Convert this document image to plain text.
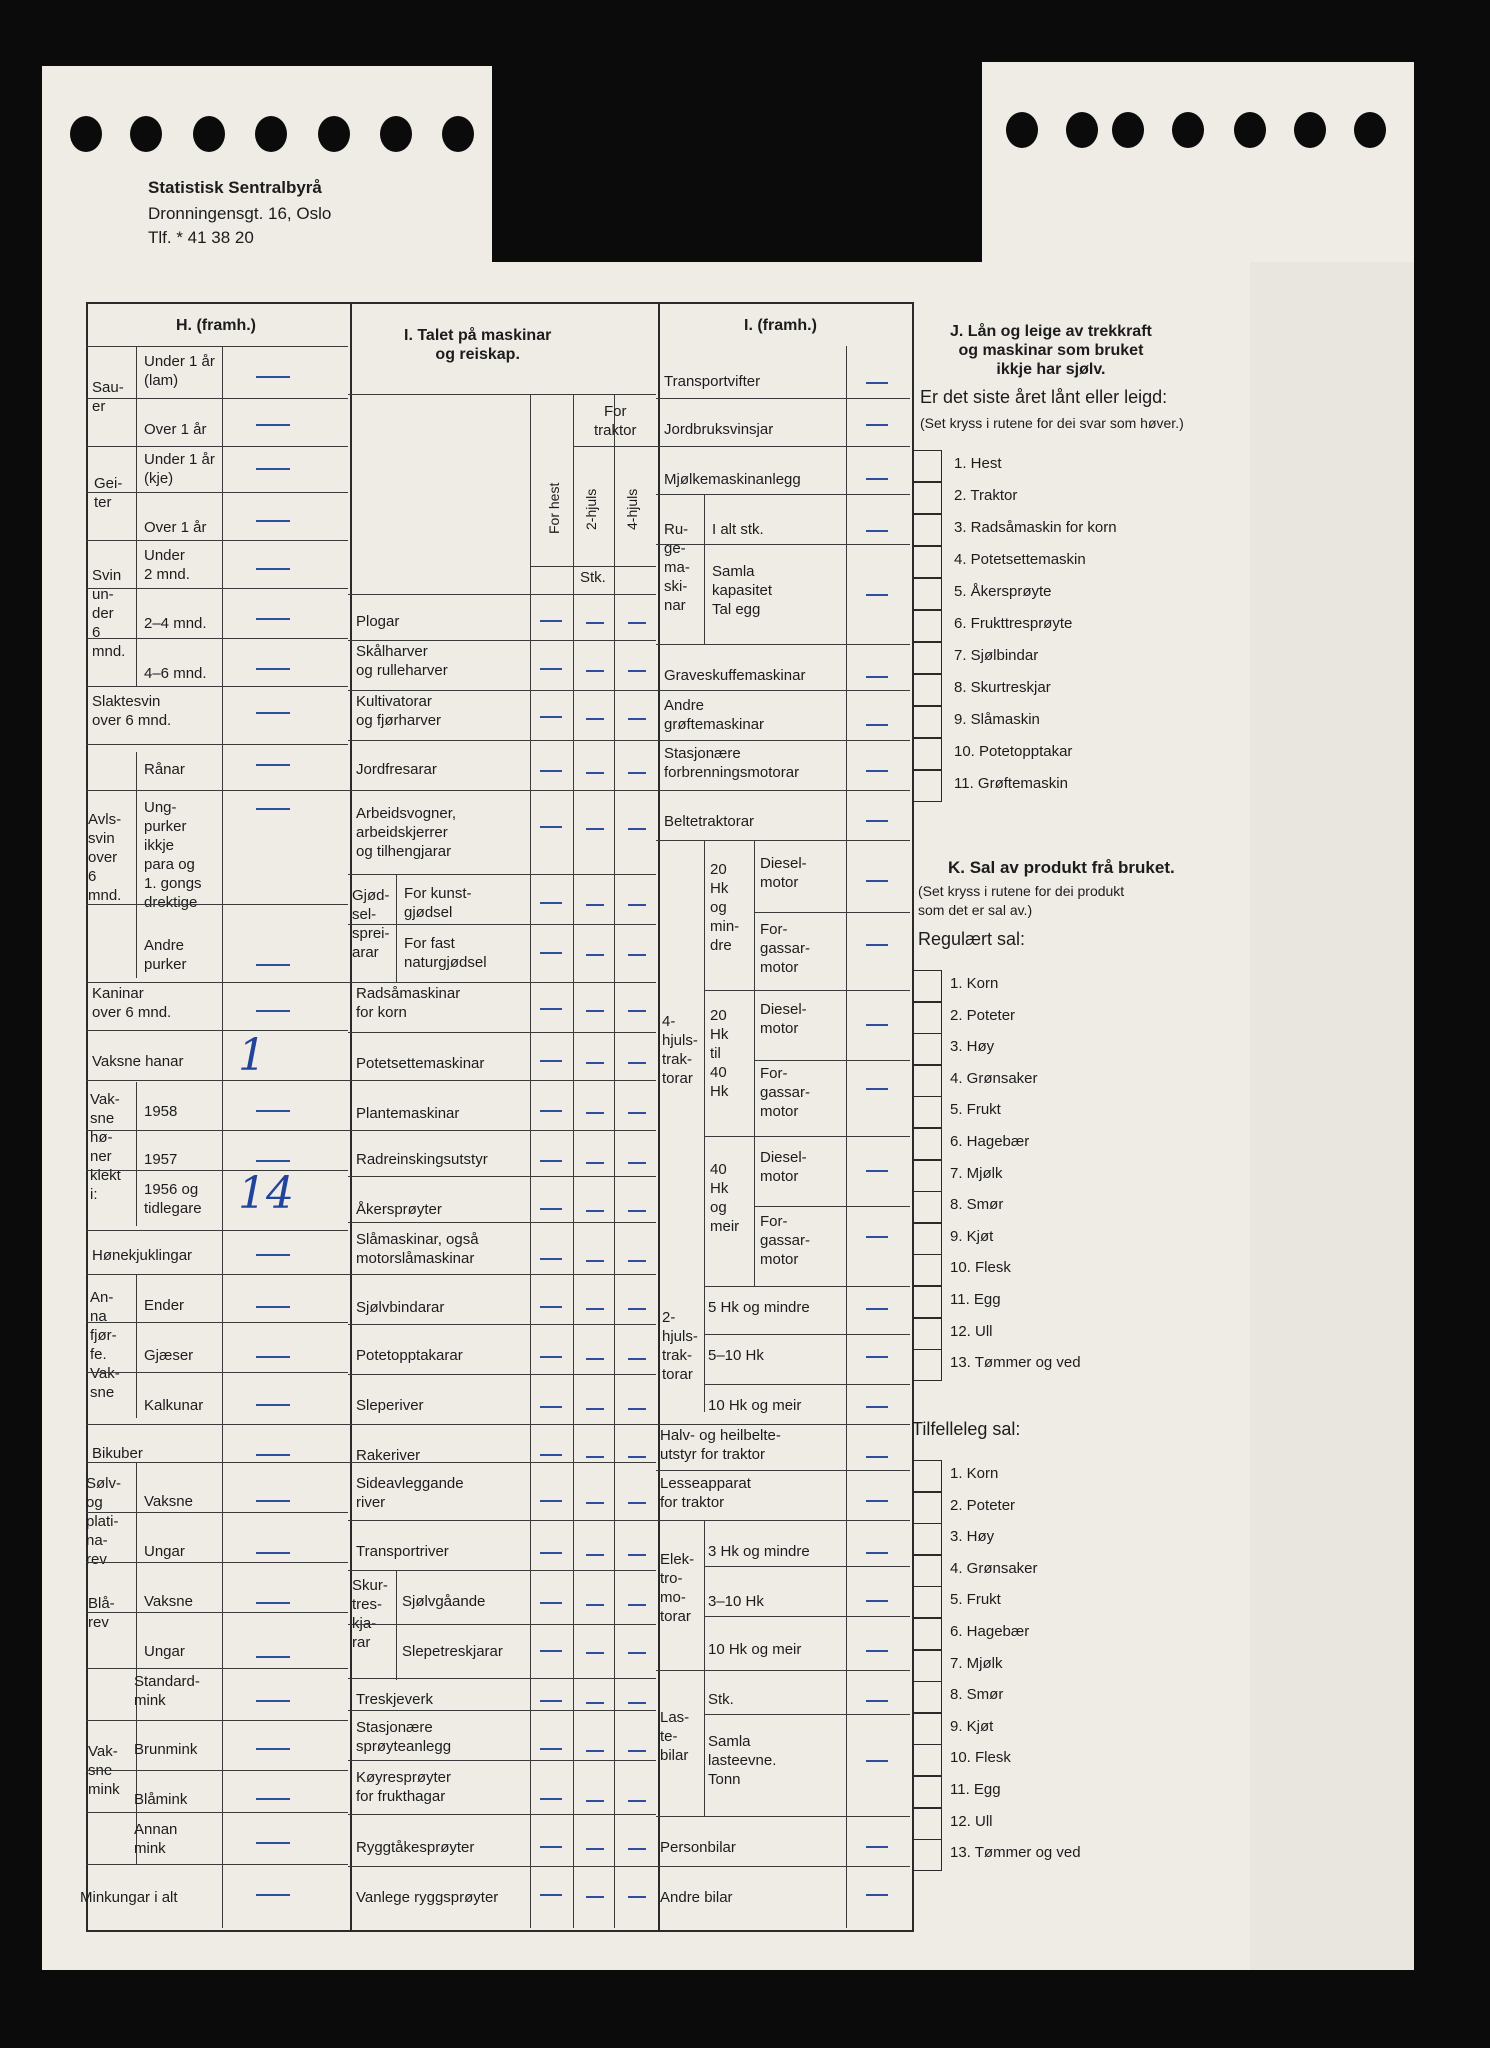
Statistisk Sentralbyrå
Dronningensgt. 16, Oslo
Tlf. * 41 38 20
H. (framh.)
Sau-
er
Gei-
ter
Svin
un-
der
6
mnd.
Avls-
svin
over
6
mnd.
Vak-
sne
hø-
ner
klekt
i:
An-
na
fjør-
fe.
Vak-
sne
Sølv-
og
plati-
na-
rev
Blå-
rev
Vak-
sne
mink
Under 1 år
(lam)
Over 1 år
Under 1 år
(kje)
Over 1 år
Under
2 mnd.
2–4 mnd.
4–6 mnd.
Slaktesvin
over 6 mnd.
Rånar
Ung-
purker
ikkje
para og
1. gongs
drektige
Andre
purker
Kaninar
over 6 mnd.
Vaksne hanar
1958
1957
1956 og
tidlegare
Hønekjuklingar
Ender
Gjæser
Kalkunar
Bikuber
Vaksne
Ungar
Vaksne
Ungar
Standard-
mink
Brunmink
Blåmink
Annan
mink
Minkungar i alt
1
14
I. Talet på maskinar
og reiskap.
For
traktor
For hest 2-hjuls 4-hjuls
Stk.
Plogar
Skålharver
og rulleharver
Kultivatorar
og fjørharver
Jordfresarar
Arbeidsvogner,
arbeidskjerrer
og tilhengjarar
Gjød-
sel-
sprei-
arar
For kunst-
gjødsel
For fast
naturgjødsel
Radsåmaskinar
for korn
Potetsettemaskinar
Plantemaskinar
Radreinskingsutstyr
Åkersprøyter
Slåmaskinar, også
motorslåmaskinar
Sjølvbindarar
Potetopptakarar
Sleperiver
Rakeriver
Sideavleggande
river
Transportriver
Skur-
tres-
kja-
rar
Sjølvgåande
Slepetreskjarar
Treskjeverk
Stasjonære
sprøyteanlegg
Køyresprøyter
for frukthagar
Ryggtåkesprøyter
Vanlege ryggsprøyter
I. (framh.)
Transportvifter
Jordbruksvinsjar
Mjølkemaskinanlegg
Ru-
ge-
ma-
ski-
nar
I alt stk.
Samla
kapasitet
Tal egg
Graveskuffemaskinar
Andre
grøftemaskinar
Stasjonære
forbrenningsmotorar
Beltetraktorar
4-
hjuls-
trak-
torar
20
Hk
og
min-
dre
20
Hk
til
40
Hk
40
Hk
og
meir
Diesel-
motor
For-
gassar-
motor
Diesel-
motor
For-
gassar-
motor
Diesel-
motor
For-
gassar-
motor
2-
hjuls-
trak-
torar
5 Hk og mindre
5–10 Hk
10 Hk og meir
Halv- og heilbelte-
utstyr for traktor
Lesseapparat
for traktor
Elek-
tro-
mo-
torar
3 Hk og mindre
3–10 Hk
10 Hk og meir
Las-
te-
bilar
Stk.
Samla
lasteevne.
Tonn
Personbilar
Andre bilar
J. Lån og leige av trekkraft
og maskinar som bruket
ikkje har sjølv.
Er det siste året lånt eller leigd:
(Set kryss i rutene for dei svar som høver.)
1. Hest
2. Traktor
3. Radsåmaskin for korn
4. Potetsettemaskin
5. Åkersprøyte
6. Frukttresprøyte
7. Sjølbindar
8. Skurtreskjar
9. Slåmaskin
10. Potetopptakar
11. Grøftemaskin
K. Sal av produkt frå bruket.
(Set kryss i rutene for dei produkt
som det er sal av.)
Regulært sal:
1. Korn
2. Poteter
3. Høy
4. Grønsaker
5. Frukt
6. Hagebær
7. Mjølk
8. Smør
9. Kjøt
10. Flesk
11. Egg
12. Ull
13. Tømmer og ved
Tilfelleleg sal:
1. Korn
2. Poteter
3. Høy
4. Grønsaker
5. Frukt
6. Hagebær
7. Mjølk
8. Smør
9. Kjøt
10. Flesk
11. Egg
12. Ull
13. Tømmer og ved
